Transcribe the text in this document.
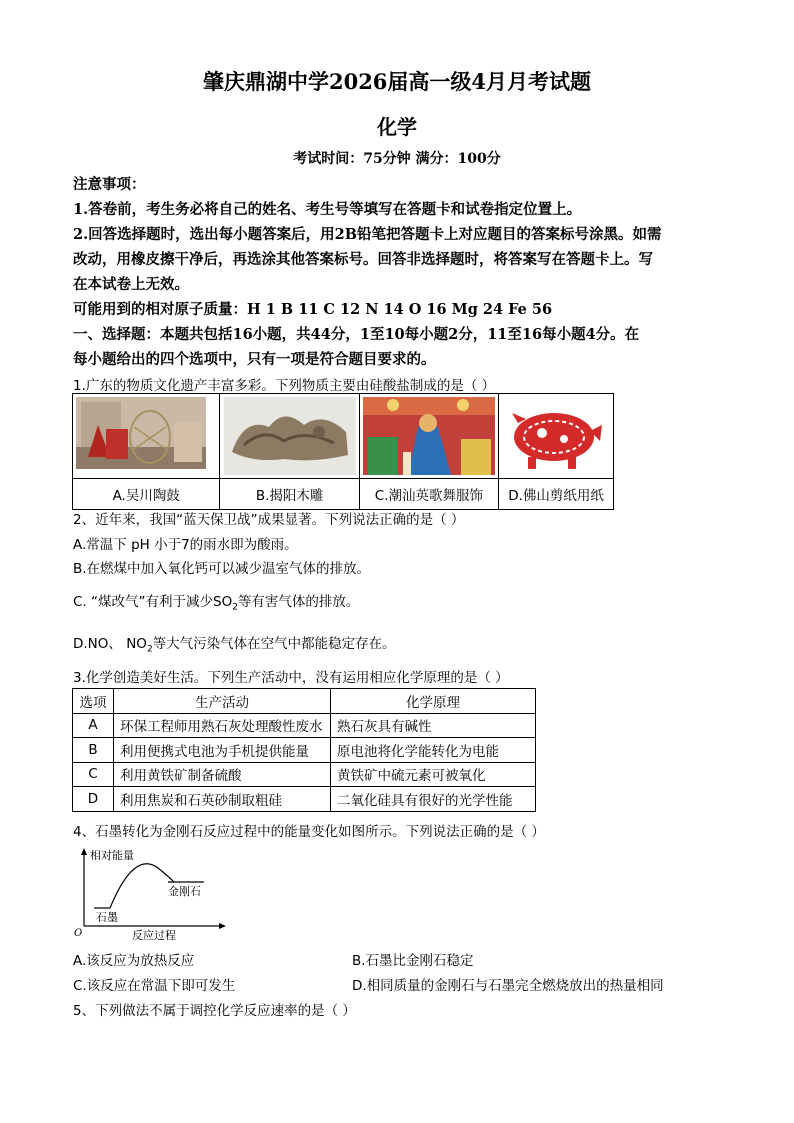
肇庆鼎湖中学2026届高一级4月月考试题
化学
考试时间：75分钟 满分：100分
注意事项：
1.答卷前，考生务必将自己的姓名、考生号等填写在答题卡和试卷指定位置上。
2.回答选择题时，选出每小题答案后，用2B铅笔把答题卡上对应题目的答案标号涂黑。如需
改动，用橡皮擦干净后，再选涂其他答案标号。回答非选择题时，将答案写在答题卡上。写
在本试卷上无效。
可能用到的相对原子质量：H 1 B 11 C 12 N 14 O 16 Mg 24 Fe 56
一、选择题：本题共包括16小题，共44分，1至10每小题2分，11至16每小题4分。在
每小题给出的四个选项中，只有一项是符合题目要求的。
1.广东的物质文化遗产丰富多彩。下列物质主要由硅酸盐制成的是（ ）

A.吴川陶鼓	B.揭阳木雕	C.潮汕英歌舞服饰	D.佛山剪纸用纸
2、近年来，我国“蓝天保卫战”成果显著。下列说法正确的是（ ）
A.常温下 pH 小于7的雨水即为酸雨。
B.在燃煤中加入氧化钙可以减少温室气体的排放。
C. “煤改气”有利于减少$SO_2$等有害气体的排放。
D.NO、 $NO_2$等大气污染气体在空气中都能稳定存在。
3.化学创造美好生活。下列生产活动中，没有运用相应化学原理的是（ ）
选项	生产活动	化学原理
A	环保工程师用熟石灰处理酸性废水	熟石灰具有碱性
B	利用便携式电池为手机提供能量	原电池将化学能转化为电能
C	利用黄铁矿制备硫酸	黄铁矿中硫元素可被氧化
D	利用焦炭和石英砂制取粗硅	二氧化硅具有很好的光学性能
4、石墨转化为金刚石反应过程中的能量变化如图所示。下列说法正确的是（ ）
相对能量
反应过程
O
石墨
金刚石
A.该反应为放热反应	B.石墨比金刚石稳定
C.该反应在常温下即可发生	D.相同质量的金刚石与石墨完全燃烧放出的热量相同
5、下列做法不属于调控化学反应速率的是（ ）
